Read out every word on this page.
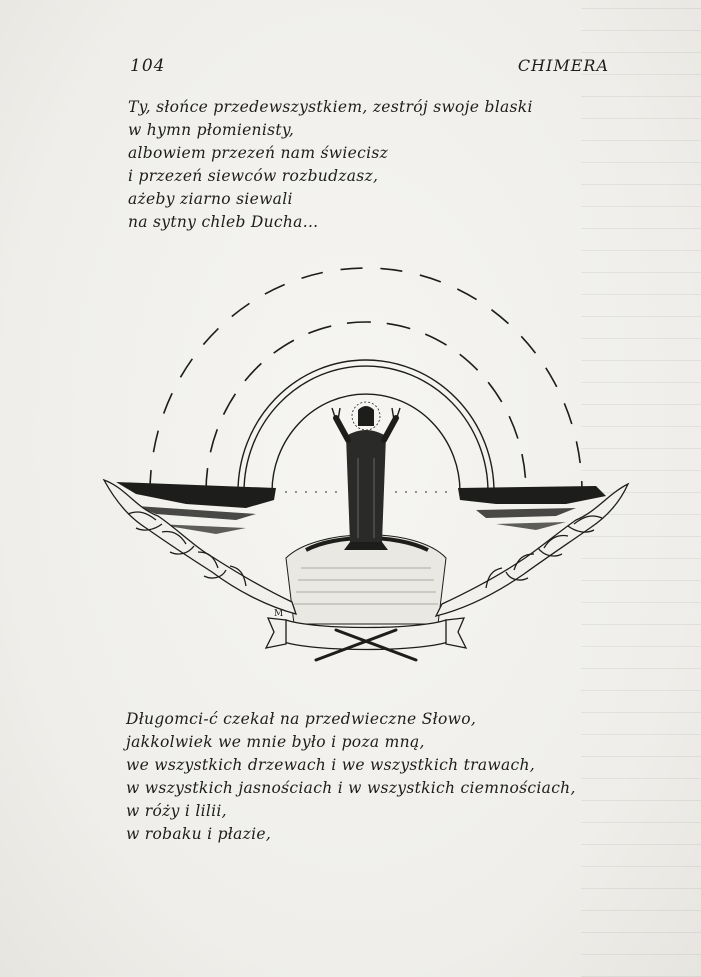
104	CHIMERA
Ty, słońce przedewszystkiem, zestrój swoje blaski
w hymn płomienisty,
albowiem przezeń nam świecisz
i przezeń siewców rozbudzasz,
ażeby ziarno siewali
na sytny chleb Ducha...
M
Długomci-ć czekał na przedwieczne Słowo,
jakkolwiek we mnie było i poza mną,
we wszystkich drzewach i we wszystkich trawach,
w wszystkich jasnościach i w wszystkich ciemnościach,
w róży i lilii,
w robaku i płazie,
